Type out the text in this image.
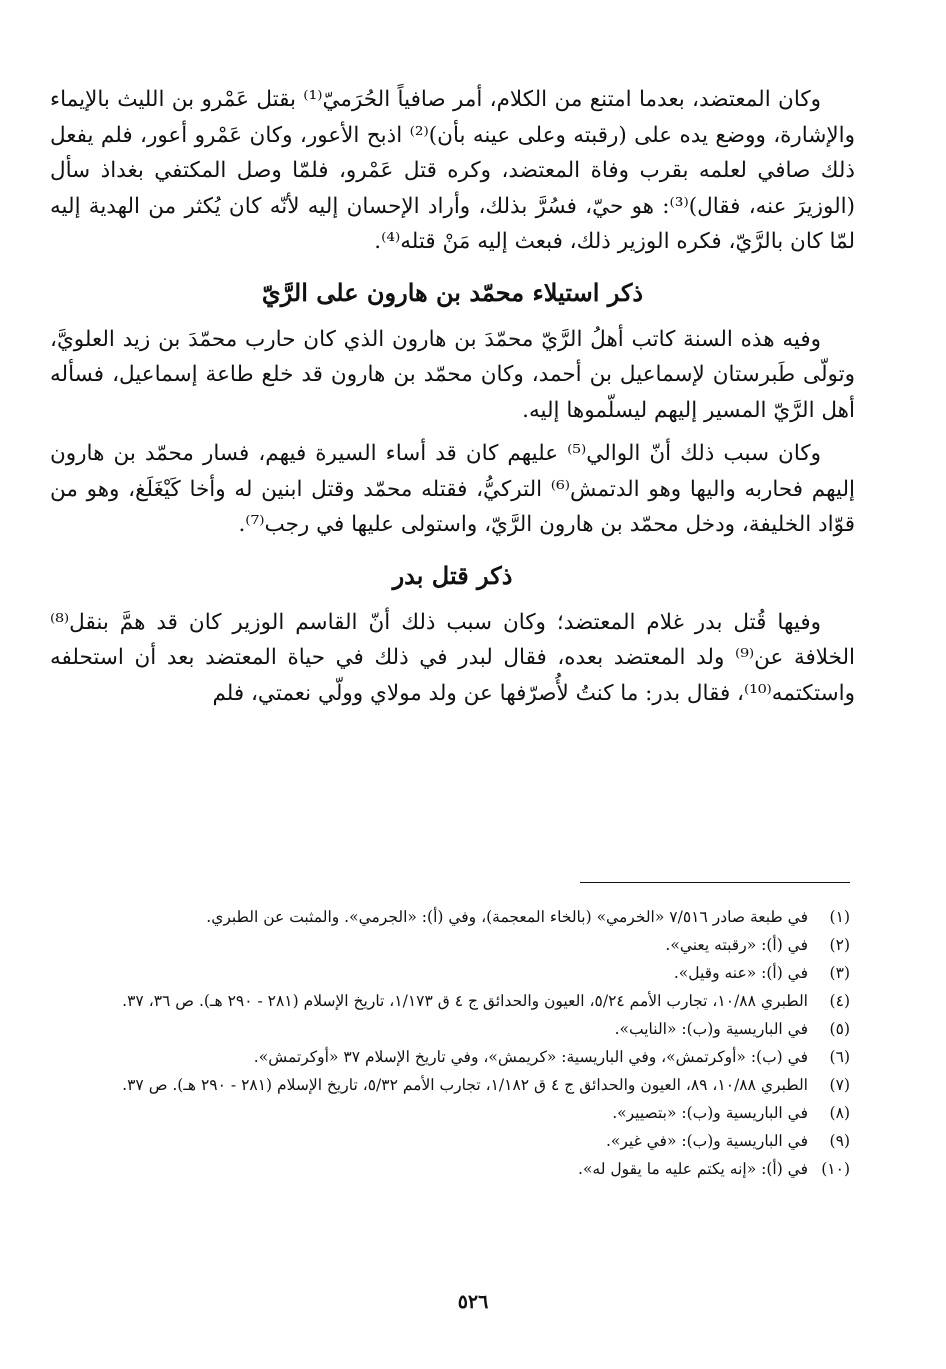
وكان المعتضد، بعدما امتنع من الكلام، أمر صافياً الحُرَميّ⁽¹⁾ بقتل عَمْرو بن الليث بالإيماء والإشارة، ووضع يده على (رقبته وعلى عينه بأن)⁽²⁾ اذبح الأعور، وكان عَمْرو أعور، فلم يفعل ذلك صافي لعلمه بقرب وفاة المعتضد، وكره قتل عَمْرو، فلمّا وصل المكتفي بغداذ سأل (الوزيرَ عنه، فقال)⁽³⁾: هو حيّ، فسُرَّ بذلك، وأراد الإحسان إليه لأنّه كان يُكثر من الهدية إليه لمّا كان بالرَّيّ، فكره الوزير ذلك، فبعث إليه مَنْ قتله⁽⁴⁾.

ذكر استيلاء محمّد بن هارون على الرَّيّ

وفيه هذه السنة كاتب أهلُ الرَّيّ محمّدَ بن هارون الذي كان حارب محمّدَ بن زيد العلويَّ، وتولّى طَبرستان لإسماعيل بن أحمد، وكان محمّد بن هارون قد خلع طاعة إسماعيل، فسأله أهل الرَّيّ المسير إليهم ليسلّموها إليه.

وكان سبب ذلك أنّ الوالي⁽⁵⁾ عليهم كان قد أساء السيرة فيهم، فسار محمّد بن هارون إليهم فحاربه واليها وهو الدتمش⁽⁶⁾ التركيُّ، فقتله محمّد وقتل ابنين له وأخا كَيْغَلَغ، وهو من قوّاد الخليفة، ودخل محمّد بن هارون الرَّيّ، واستولى عليها في رجب⁽⁷⁾.

ذكر قتل بدر

وفيها قُتل بدر غلام المعتضد؛ وكان سبب ذلك أنّ القاسم الوزير كان قد همَّ بنقل⁽⁸⁾ الخلافة عن⁽⁹⁾ ولد المعتضد بعده، فقال لبدر في ذلك في حياة المعتضد بعد أن استحلفه واستكتمه⁽¹⁰⁾، فقال بدر: ما كنتُ لأُصرّفها عن ولد مولاي وولّي نعمتي، فلم

(١)
في طبعة صادر ٧/٥١٦ «الخرمي» (بالخاء المعجمة)، وفي (أ): «الجرمي». والمثبت عن الطبري.
(٢)
في (أ): «رقبته يعني».
(٣)
في (أ): «عنه وقيل».
(٤)
الطبري ١٠/٨٨، تجارب الأمم ٥/٢٤، العيون والحدائق ج ٤ ق ١/١٧٣، تاريخ الإسلام (٢٨١ - ٢٩٠ هـ). ص ٣٦، ٣٧.
(٥)
في الباريسية و(ب): «النايب».
(٦)
في (ب): «أوكرتمش»، وفي الباريسية: «كريمش»، وفي تاريخ الإسلام ٣٧ «أوكرتمش».
(٧)
الطبري ١٠/٨٨، ٨٩، العيون والحدائق ج ٤ ق ١/١٨٢، تجارب الأمم ٥/٣٢، تاريخ الإسلام (٢٨١ - ٢٩٠ هـ). ص ٣٧.
(٨)
في الباريسية و(ب): «بتصيير».
(٩)
في الباريسية و(ب): «في غير».
(١٠)
في (أ): «إنه يكتم عليه ما يقول له».
٥٢٦
